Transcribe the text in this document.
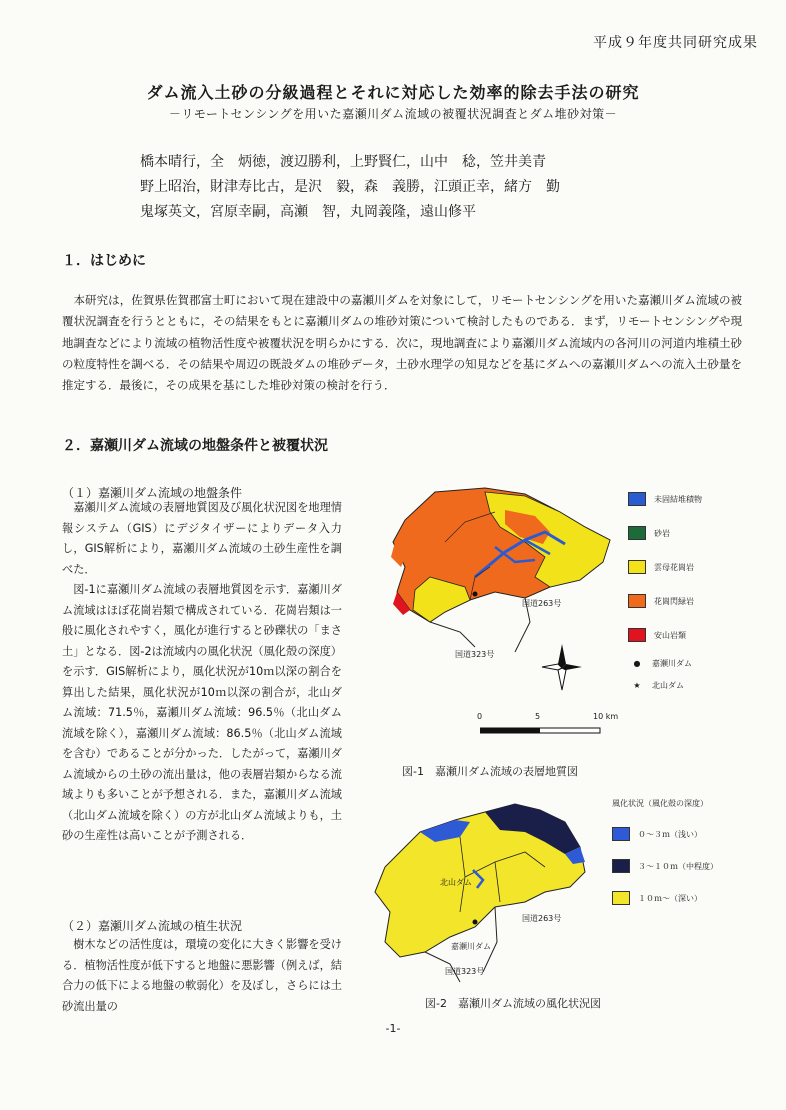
平成９年度共同研究成果
ダム流入土砂の分級過程とそれに対応した効率的除去手法の研究
－リモートセンシングを用いた嘉瀬川ダム流域の被覆状況調査とダム堆砂対策－
橋本晴行，全　炳徳，渡辺勝利，上野賢仁，山中　稔，笠井美青
野上昭治，財津寿比古，是沢　毅，森　義勝，江頭正幸，緒方　勤
鬼塚英文，宮原幸嗣，高瀬　智，丸岡義隆，遠山修平
１．はじめに
本研究は，佐賀県佐賀郡富士町において現在建設中の嘉瀬川ダムを対象にして，リモートセンシングを用いた嘉瀬川ダム流域の被覆状況調査を行うとともに，その結果をもとに嘉瀬川ダムの堆砂対策について検討したものである．まず，リモートセンシングや現地調査などにより流域の植物活性度や被覆状況を明らかにする．次に，現地調査により嘉瀬川ダム流域内の各河川の河道内堆積土砂の粒度特性を調べる．その結果や周辺の既設ダムの堆砂データ，土砂水理学の知見などを基にダムへの嘉瀬川ダムへの流入土砂量を推定する．最後に，その成果を基にした堆砂対策の検討を行う．
２．嘉瀬川ダム流域の地盤条件と被覆状況
（１）嘉瀬川ダム流域の地盤条件

嘉瀬川ダム流域の表層地質図及び風化状況図を地理情報システム（GIS）にデジタイザーによりデータ入力し，GIS解析により，嘉瀬川ダム流域の土砂生産性を調べた．

図-1に嘉瀬川ダム流域の表層地質図を示す．嘉瀬川ダム流域はほぼ花崗岩類で構成されている．花崗岩類は一般に風化されやすく，風化が進行すると砂礫状の「まさ土」となる．図-2は流域内の風化状況（風化殻の深度）を示す．GIS解析により，風化状況が10ｍ以深の割合を算出した結果，風化状況が10ｍ以深の割合が，北山ダム流域：71.5％，嘉瀬川ダム流域：96.5％（北山ダム流域を除く），嘉瀬川ダム流域：86.5％（北山ダム流域を含む）であることが分かった．したがって，嘉瀬川ダム流域からの土砂の流出量は，他の表層岩類からなる流域よりも多いことが予想される．また，嘉瀬川ダム流域（北山ダム流域を除く）の方が北山ダム流域よりも，土砂の生産性は高いことが予測される．

（２）嘉瀬川ダム流域の植生状況

樹木などの活性度は，環境の変化に大きく影響を受ける．植物活性度が低下すると地盤に悪影響（例えば，結合力の低下による地盤の軟弱化）を及ぼし，さらには土砂流出量の

国道263号
国道323号
未固結堆積物
砂岩
雲母花崗岩
花崗閃緑岩
安山岩類
●	嘉瀬川ダム
★	北山ダム
0	5	10 km
図-1　嘉瀬川ダム流域の表層地質図
北山ダム
嘉瀬川ダム
国道263号
国道323号
風化状況（風化殻の深度）
０～３ｍ（浅い）
３～１０ｍ（中程度）
１０ｍ～（深い）
図-2　嘉瀬川ダム流域の風化状況図
-1-
